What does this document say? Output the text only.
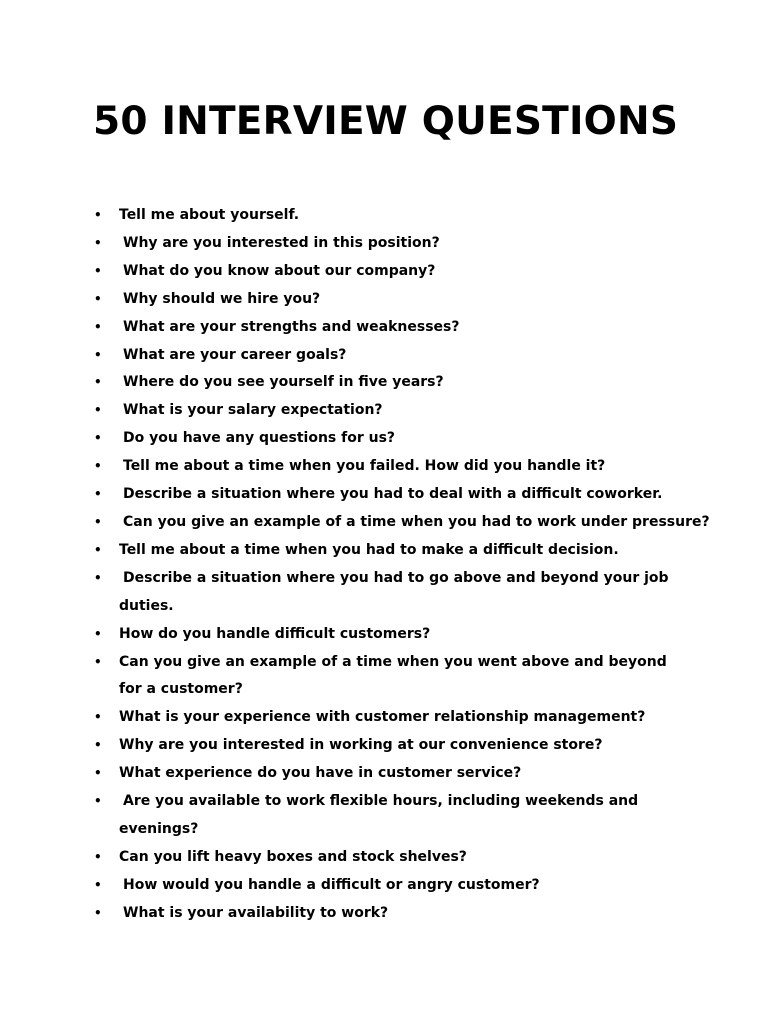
50 INTERVIEW QUESTIONS
• Tell me about yourself.
• Why are you interested in this position?
• What do you know about our company?
• Why should we hire you?
• What are your strengths and weaknesses?
• What are your career goals?
• Where do you see yourself in five years?
• What is your salary expectation?
• Do you have any questions for us?
• Tell me about a time when you failed. How did you handle it?
• Describe a situation where you had to deal with a difficult coworker.
• Can you give an example of a time when you had to work under pressure?
• Tell me about a time when you had to make a difficult decision.
• Describe a situation where you had to go above and beyond your job duties.
• How do you handle difficult customers?
• Can you give an example of a time when you went above and beyond for a customer?
• What is your experience with customer relationship management?
• Why are you interested in working at our convenience store?
• What experience do you have in customer service?
• Are you available to work flexible hours, including weekends and evenings?
• Can you lift heavy boxes and stock shelves?
• How would you handle a difficult or angry customer?
• What is your availability to work?
